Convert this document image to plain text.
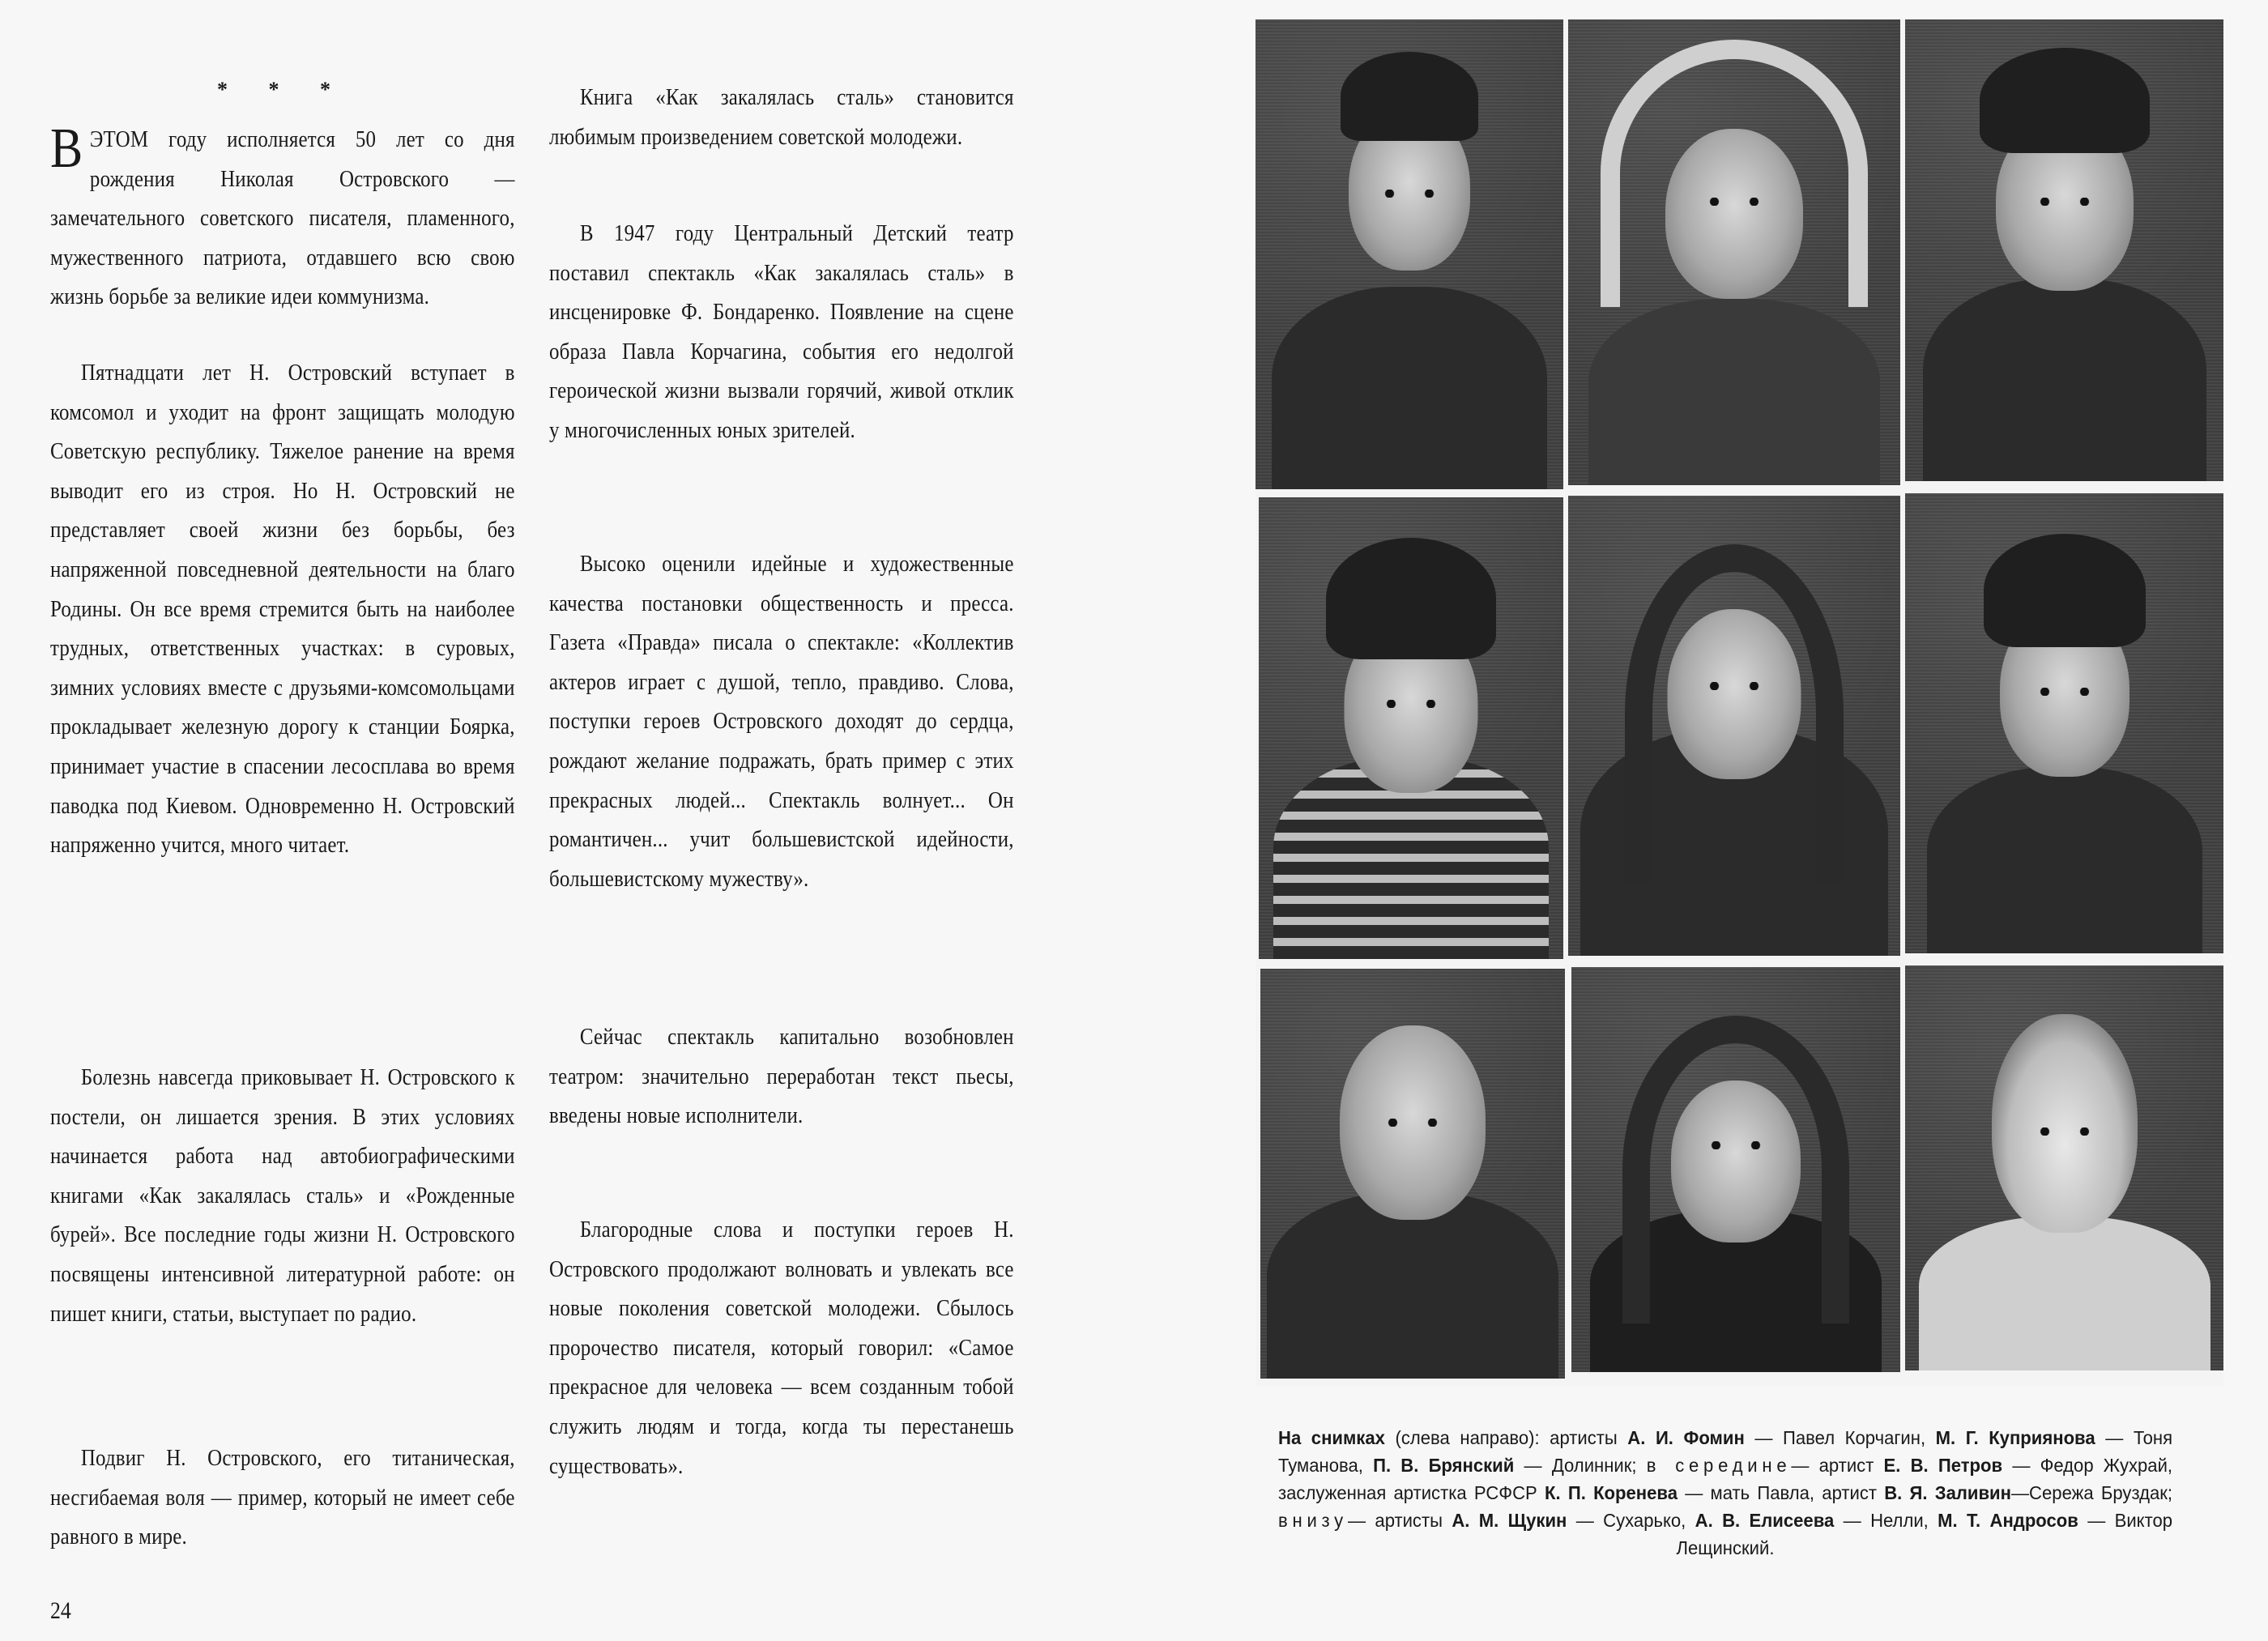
* * *
В ЭТОМ году исполняется 50 лет со дня рождения Николая Островского — замечательного советского писателя, пламенного, мужественного патриота, отдавшего всю свою жизнь борьбе за великие идеи коммунизма.
Пятнадцати лет Н. Островский вступает в комсомол и уходит на фронт защищать молодую Советскую республику. Тяжелое ранение на время выводит его из строя. Но Н. Островский не представляет своей жизни без борьбы, без напряженной повседневной деятельности на благо Родины. Он все время стремится быть на наиболее трудных, ответственных участках: в суровых, зимних условиях вместе с друзьями-комсомольцами прокладывает железную дорогу к станции Боярка, принимает участие в спасении лесосплава во время паводка под Киевом. Одновременно Н. Островский напряженно учится, много читает.
Болезнь навсегда приковывает Н. Островского к постели, он лишается зрения. В этих условиях начинается работа над автобиографическими книгами «Как закалялась сталь» и «Рожденные бурей». Все последние годы жизни Н. Островского посвящены интенсивной литературной работе: он пишет книги, статьи, выступает по радио.
Подвиг Н. Островского, его титаническая, несгибаемая воля — пример, который не имеет себе равного в мире.
Книга «Как закалялась сталь» становится любимым произведением советской молодежи.
В 1947 году Центральный Детский театр поставил спектакль «Как закалялась сталь» в инсценировке Ф. Бондаренко. Появление на сцене образа Павла Корчагина, события его недолгой героической жизни вызвали горячий, живой отклик у многочисленных юных зрителей.
Высоко оценили идейные и художественные качества постановки общественность и пресса. Газета «Правда» писала о спектакле: «Коллектив актеров играет с душой, тепло, правдиво. Слова, поступки героев Островского доходят до сердца, рождают желание подражать, брать пример с этих прекрасных людей... Спектакль волнует... Он романтичен... учит большевистской идейности, большевистскому мужеству».
Сейчас спектакль капитально возобновлен театром: значительно переработан текст пьесы, введены новые исполнители.
Благородные слова и поступки героев Н. Островского продолжают волновать и увлекать все новые поколения советской молодежи. Сбылось пророчество писателя, который говорил: «Самое прекрасное для человека — всем созданным тобой служить людям и тогда, когда ты перестанешь существовать».
24
На снимках (слева направо): артисты А. И. Фомин — Павел Корчагин, М. Г. Куприянова — Тоня Туманова, П. В. Брянский — Долинник; в середине— артист Е. В. Петров — Федор Жухрай, заслуженная артистка РСФСР К. П. Коренева — мать Павла, артист В. Я. Заливин—Сережа Бруздак; внизу— артисты А. М. Щукин — Сухарько, А. В. Елисеева — Нелли, М. Т. Андросов — Виктор Лещинский.
